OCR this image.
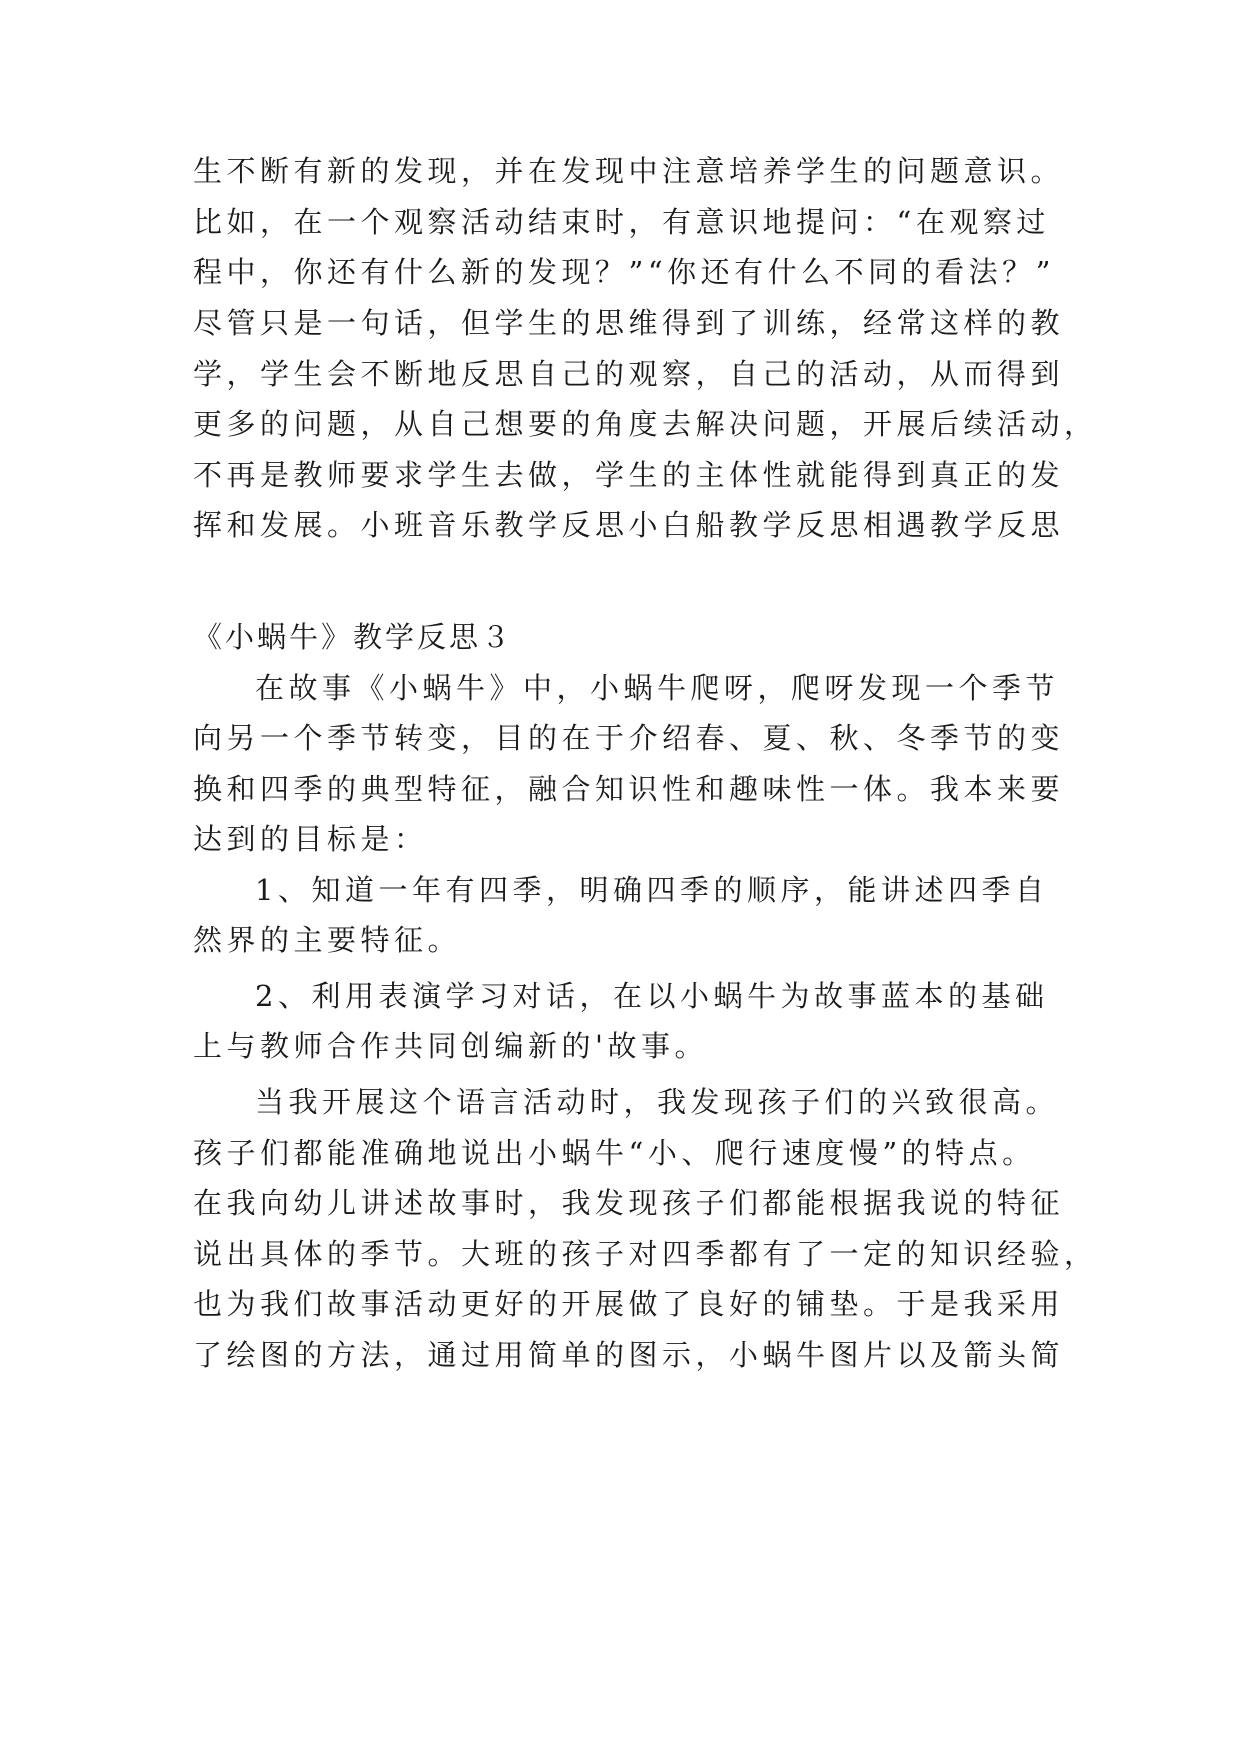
生不断有新的发现，并在发现中注意培养学生的问题意识。
比如，在一个观察活动结束时，有意识地提问：“在观察过
程中，你还有什么新的发现？”“你还有什么不同的看法？”
尽管只是一句话，但学生的思维得到了训练，经常这样的教
学，学生会不断地反思自己的观察，自己的活动，从而得到
更多的问题，从自己想要的角度去解决问题，开展后续活动，
不再是教师要求学生去做，学生的主体性就能得到真正的发
挥和发展。小班音乐教学反思小白船教学反思相遇教学反思
《小蜗牛》教学反思３
在故事《小蜗牛》中，小蜗牛爬呀，爬呀发现一个季节
向另一个季节转变，目的在于介绍春、夏、秋、冬季节的变
换和四季的典型特征，融合知识性和趣味性一体。我本来要
达到的目标是：
1、知道一年有四季，明确四季的顺序，能讲述四季自
然界的主要特征。
2、利用表演学习对话，在以小蜗牛为故事蓝本的基础
上与教师合作共同创编新的'故事。
当我开展这个语言活动时，我发现孩子们的兴致很高。
孩子们都能准确地说出小蜗牛“小、爬行速度慢”的特点。
在我向幼儿讲述故事时，我发现孩子们都能根据我说的特征
说出具体的季节。大班的孩子对四季都有了一定的知识经验，
也为我们故事活动更好的开展做了良好的铺垫。于是我采用
了绘图的方法，通过用简单的图示，小蜗牛图片以及箭头简
